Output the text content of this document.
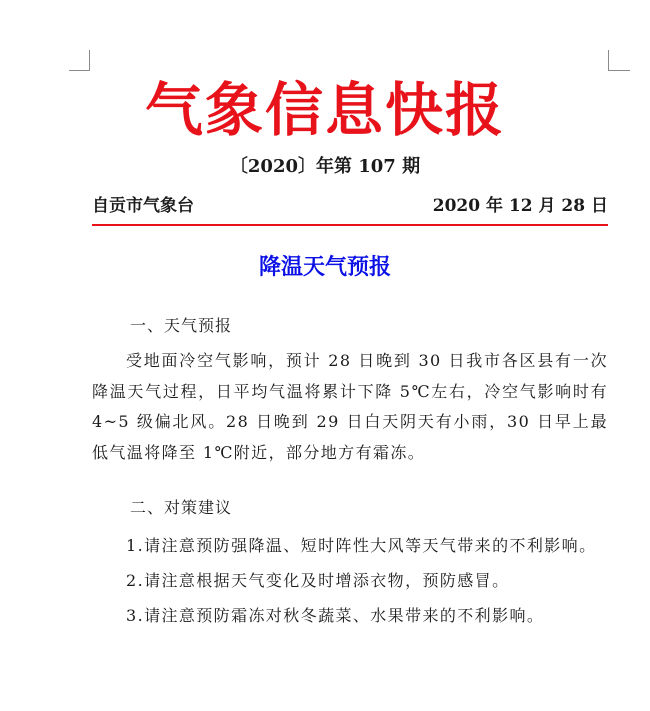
气象信息快报
〔2020〕年第 107 期
自贡市气象台	2020 年 12 月 28 日
降温天气预报
一、天气预报
受地面冷空气影响，预计 28 日晚到 30 日我市各区县有一次降温天气过程，日平均气温将累计下降 5℃左右，冷空气影响时有 4~5 级偏北风。28 日晚到 29 日白天阴天有小雨，30 日早上最低气温将降至 1℃附近，部分地方有霜冻。
二、对策建议
1.请注意预防强降温、短时阵性大风等天气带来的不利影响。
2.请注意根据天气变化及时增添衣物，预防感冒。
3.请注意预防霜冻对秋冬蔬菜、水果带来的不利影响。
